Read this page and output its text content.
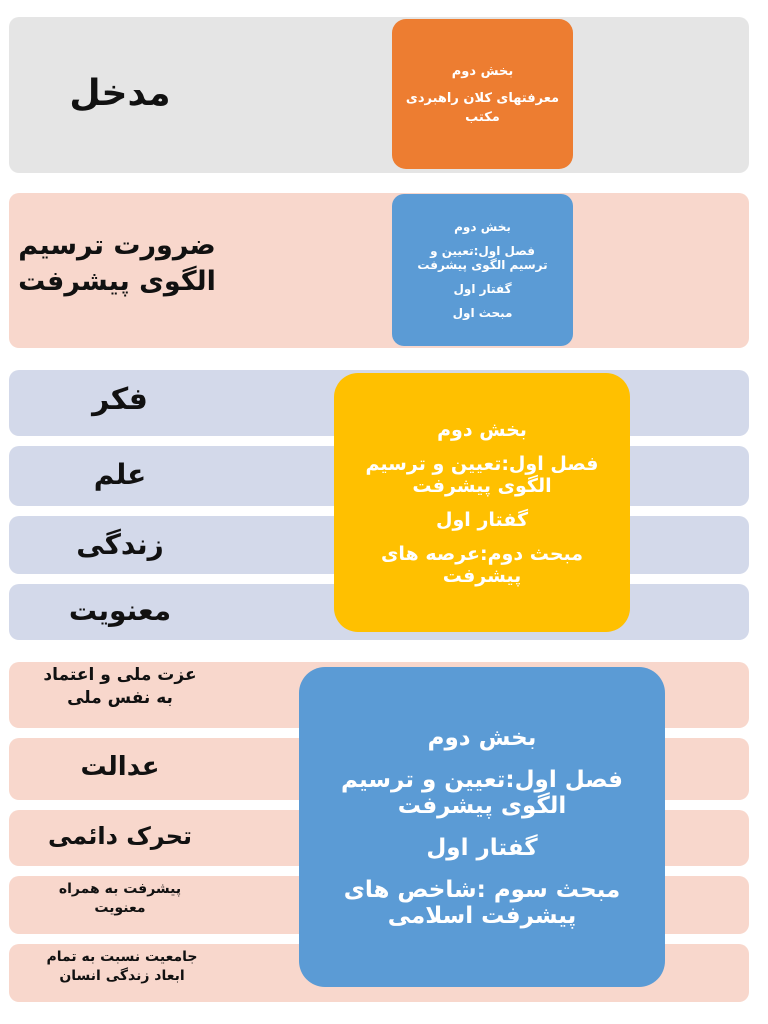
مدخل
بخش دوم
معرفتهای کلان راهبردی
مکتب
ضرورت ترسیم
الگوی پیشرفت
بخش دوم
فصل اول:تعیین و
ترسیم الگوی پیشرفت
گفتار اول
مبحث اول
فکر
علم
زندگی
معنویت
بخش دوم
فصل اول:تعیین و ترسیم
الگوی پیشرفت
گفتار اول
مبحث دوم:عرصه های
پیشرفت
عزت ملی و اعتماد
به نفس ملی
عدالت
تحرک دائمی
پیشرفت به همراه
معنویت
جامعیت نسبت به تمام
ابعاد زندگی انسان
بخش دوم
فصل اول:تعیین و ترسیم
الگوی پیشرفت
گفتار اول
مبحث سوم :شاخص های
پیشرفت اسلامی
